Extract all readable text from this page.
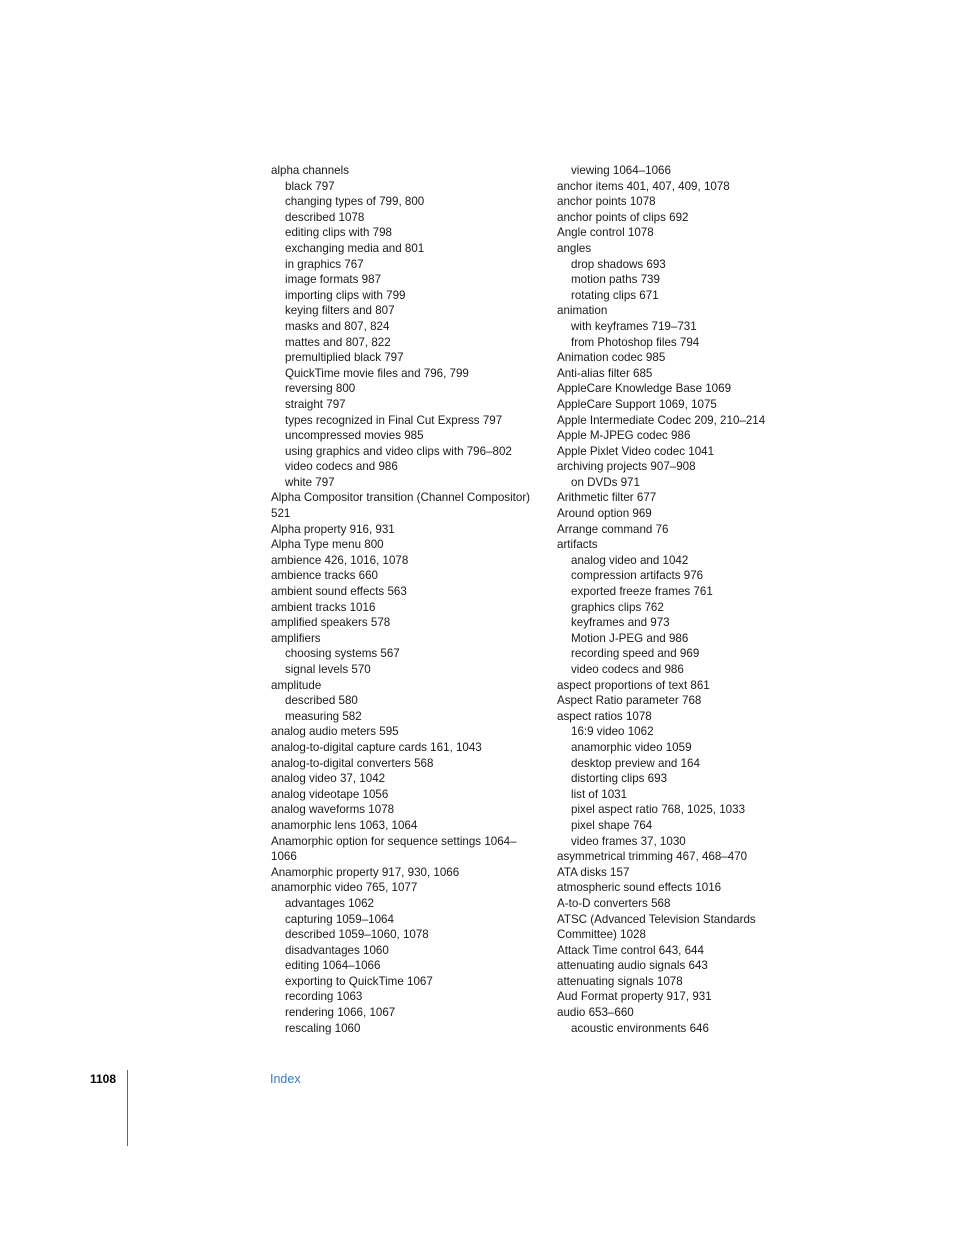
alpha channels
black 797
changing types of 799, 800
described 1078
editing clips with 798
exchanging media and 801
in graphics 767
image formats 987
importing clips with 799
keying filters and 807
masks and 807, 824
mattes and 807, 822
premultiplied black 797
QuickTime movie files and 796, 799
reversing 800
straight 797
types recognized in Final Cut Express 797
uncompressed movies 985
using graphics and video clips with 796–802
video codecs and 986
white 797
Alpha Compositor transition (Channel Compositor) 521
Alpha property 916, 931
Alpha Type menu 800
ambience 426, 1016, 1078
ambience tracks 660
ambient sound effects 563
ambient tracks 1016
amplified speakers 578
amplifiers
choosing systems 567
signal levels 570
amplitude
described 580
measuring 582
analog audio meters 595
analog-to-digital capture cards 161, 1043
analog-to-digital converters 568
analog video 37, 1042
analog videotape 1056
analog waveforms 1078
anamorphic lens 1063, 1064
Anamorphic option for sequence settings 1064–1066
Anamorphic property 917, 930, 1066
anamorphic video 765, 1077
advantages 1062
capturing 1059–1064
described 1059–1060, 1078
disadvantages 1060
editing 1064–1066
exporting to QuickTime 1067
recording 1063
rendering 1066, 1067
rescaling 1060
viewing 1064–1066
anchor items 401, 407, 409, 1078
anchor points 1078
anchor points of clips 692
Angle control 1078
angles
drop shadows 693
motion paths 739
rotating clips 671
animation
with keyframes 719–731
from Photoshop files 794
Animation codec 985
Anti-alias filter 685
AppleCare Knowledge Base 1069
AppleCare Support 1069, 1075
Apple Intermediate Codec 209, 210–214
Apple M-JPEG codec 986
Apple Pixlet Video codec 1041
archiving projects 907–908
on DVDs 971
Arithmetic filter 677
Around option 969
Arrange command 76
artifacts
analog video and 1042
compression artifacts 976
exported freeze frames 761
graphics clips 762
keyframes and 973
Motion J-PEG and 986
recording speed and 969
video codecs and 986
aspect proportions of text 861
Aspect Ratio parameter 768
aspect ratios 1078
16:9 video 1062
anamorphic video 1059
desktop preview and 164
distorting clips 693
list of 1031
pixel aspect ratio 768, 1025, 1033
pixel shape 764
video frames 37, 1030
asymmetrical trimming 467, 468–470
ATA disks 157
atmospheric sound effects 1016
A-to-D converters 568
ATSC (Advanced Television Standards Committee) 1028
Attack Time control 643, 644
attenuating audio signals 643
attenuating signals 1078
Aud Format property 917, 931
audio 653–660
acoustic environments 646
1108	Index
